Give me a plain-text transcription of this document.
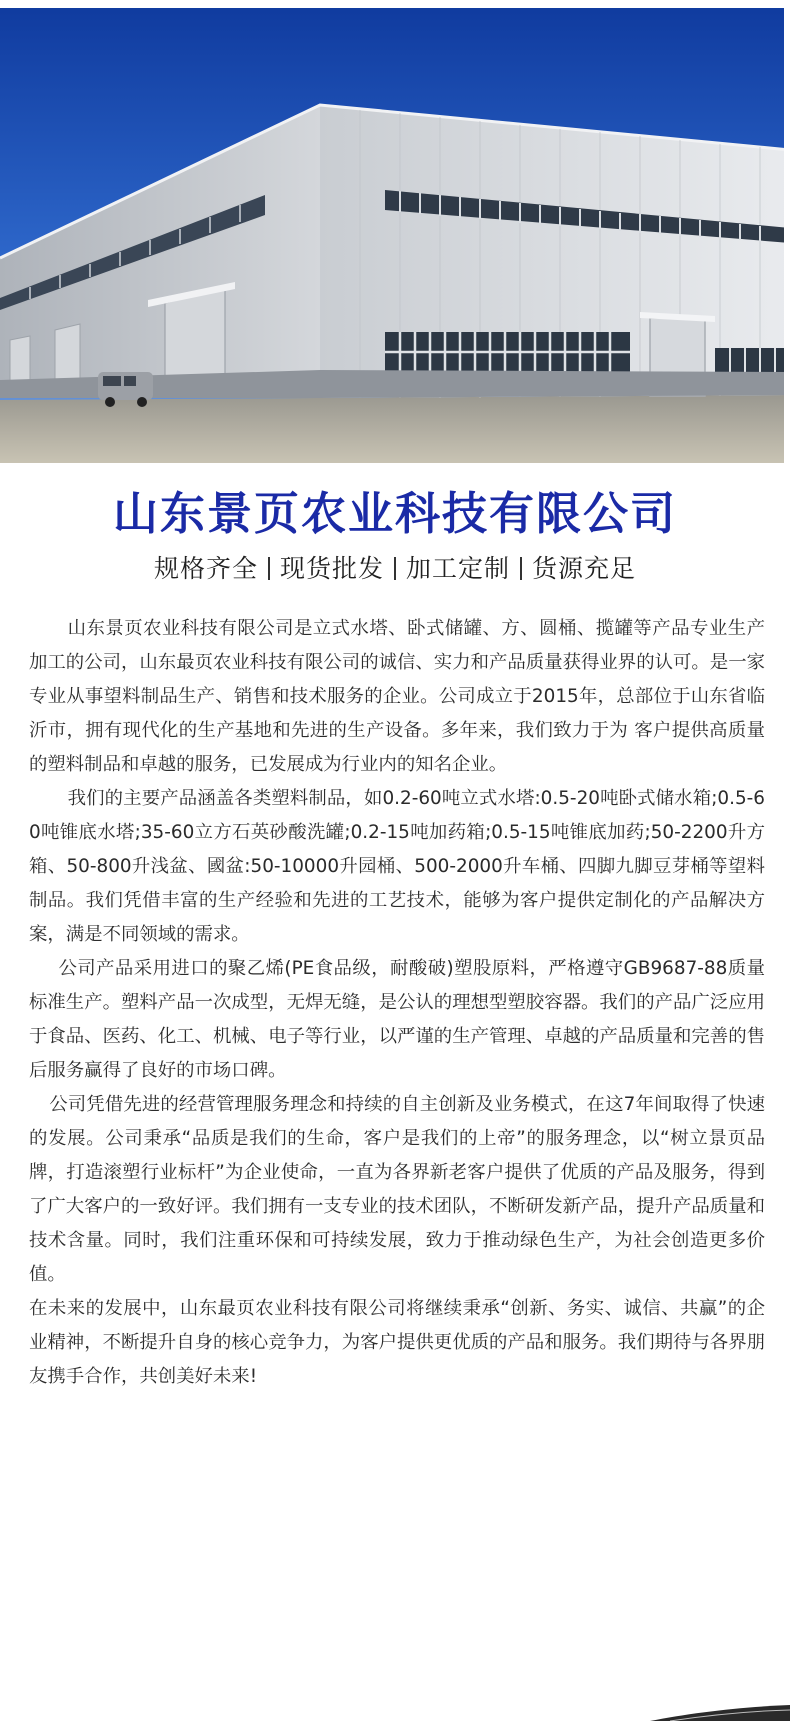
山东景页农业科技有限公司
规格齐全 现货批发 加工定制 货源充足

山东景页农业科技有限公司是立式水塔、卧式储罐、方、圆桶、揽罐等产品专业生产加工的公司，山东最页农业科技有限公司的诚信、实力和产品质量获得业界的认可。是一家专业从事望料制品生产、销售和技术服务的企业。公司成立于2015年，总部位于山东省临沂市，拥有现代化的生产基地和先进的生产设备。多年来，我们致力于为 客户提供高质量的塑料制品和卓越的服务，已发展成为行业内的知名企业。

我们的主要产品涵盖各类塑料制品，如0.2-60吨立式水塔:0.5-20吨卧式储水箱;0.5-60吨锥底水塔;35-60立方石英砂酸洗罐;0.2-15吨加药箱;0.5-15吨锥底加药;50-2200升方箱、50-800升浅盆、國盆:50-10000升园桶、500-2000升车桶、四脚九脚豆芽桶等望料制品。我们凭借丰富的生产经验和先进的工艺技术，能够为客户提供定制化的产品解决方案，满是不同领域的需求。

公司产品采用进口的聚乙烯(PE食品级，耐酸破)塑股原料，严格遵守GB9687-88质量标准生产。塑料产品一次成型，无焊无缝，是公认的理想型塑胶容器。我们的产品广泛应用于食品、医药、化工、机械、电子等行业，以严谨的生产管理、卓越的产品质量和完善的售后服务赢得了良好的市场口碑。

公司凭借先进的经营管理服务理念和持续的自主创新及业务模式，在这7年间取得了快速的发展。公司秉承“品质是我们的生命，客户是我们的上帝”的服务理念，以“树立景页品牌，打造滚塑行业标杆”为企业使命，一直为各界新老客户提供了优质的产品及服务，得到了广大客户的一致好评。我们拥有一支专业的技术团队，不断研发新产品，提升产品质量和技术含量。同时，我们注重环保和可持续发展，致力于推动绿色生产，为社会创造更多价值。

在未来的发展中，山东最页农业科技有限公司将继续秉承“创新、务实、诚信、共赢”的企业精神，不断提升自身的核心竞争力，为客户提供更优质的产品和服务。我们期待与各界朋友携手合作，共创美好未来!
